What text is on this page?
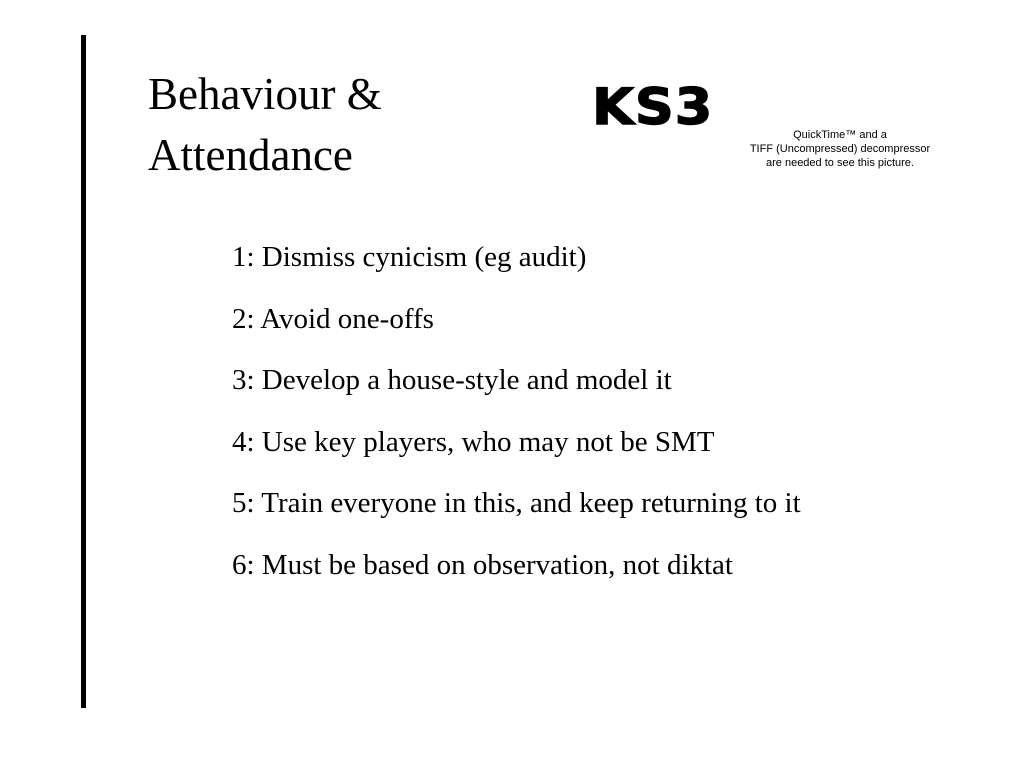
Behaviour &
Attendance
KS3	QuickTime™ and a
TIFF (Uncompressed) decompressor
are needed to see this picture.
1: Dismiss cynicism (eg audit)
2: Avoid one-offs
3: Develop a house-style and model it
4: Use key players, who may not be SMT
5: Train everyone in this, and keep returning to it
6: Must be based on observation, not diktat
